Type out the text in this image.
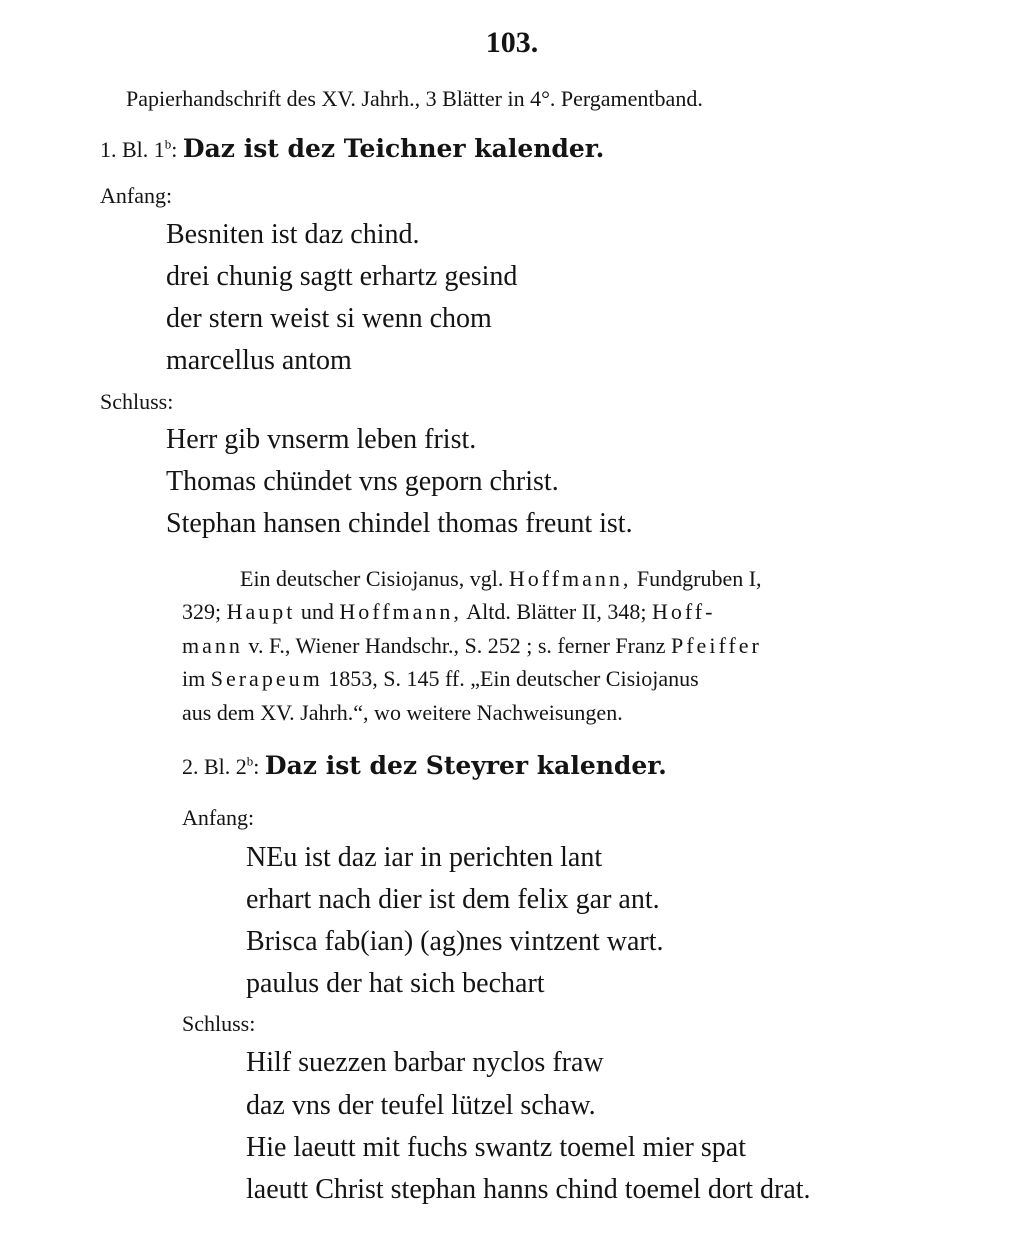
103.
Papierhandschrift des XV. Jahrh., 3 Blätter in 4°. Pergamentband.
1. Bl. 1$^b$: Daz ist dez Teichner kalender.
Anfang:
Besniten ist daz chind.
drei chunig sagtt erhartz gesind
der stern weist si wenn chom
marcellus antom
Schluss:
Herr gib vnserm leben frist.
Thomas chündet vns geporn christ.
Stephan hansen chindel thomas freunt ist.
Ein deutscher Cisiojanus, vgl. Hoffmann, Fundgruben I,
329; Haupt und Hoffmann, Altd. Blätter II, 348; Hoff-
mann v. F., Wiener Handschr., S. 252 ; s. ferner Franz Pfeiffer
im Serapeum 1853, S. 145 ff. „Ein deutscher Cisiojanus
aus dem XV. Jahrh.“, wo weitere Nachweisungen.
2. Bl. 2$^b$: Daz ist dez Steyrer kalender.
Anfang:
NEu ist daz iar in perichten lant
erhart nach dier ist dem felix gar ant.
Brisca fab(ian) (ag)nes vintzent wart.
paulus der hat sich bechart
Schluss:
Hilf suezzen barbar nyclos fraw
daz vns der teufel lützel schaw.
Hie laeutt mit fuchs swantz toemel mier spat
laeutt Christ stephan hanns chind toemel dort drat.
